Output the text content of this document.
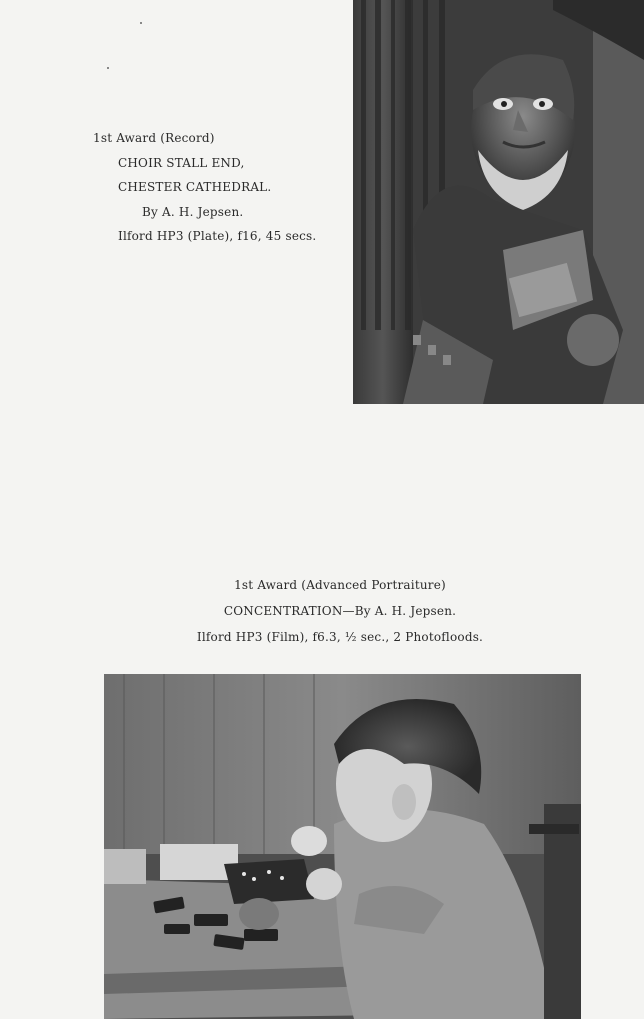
1st Award (Record)
CHOIR STALL END,
CHESTER CATHEDRAL.
By A. H. Jepsen.
Ilford HP3 (Plate), f16, 45 secs.
1st Award (Advanced Portraiture)
CONCENTRATION—By A. H. Jepsen.
Ilford HP3 (Film), f6.3, ½ sec., 2 Photofloods.
